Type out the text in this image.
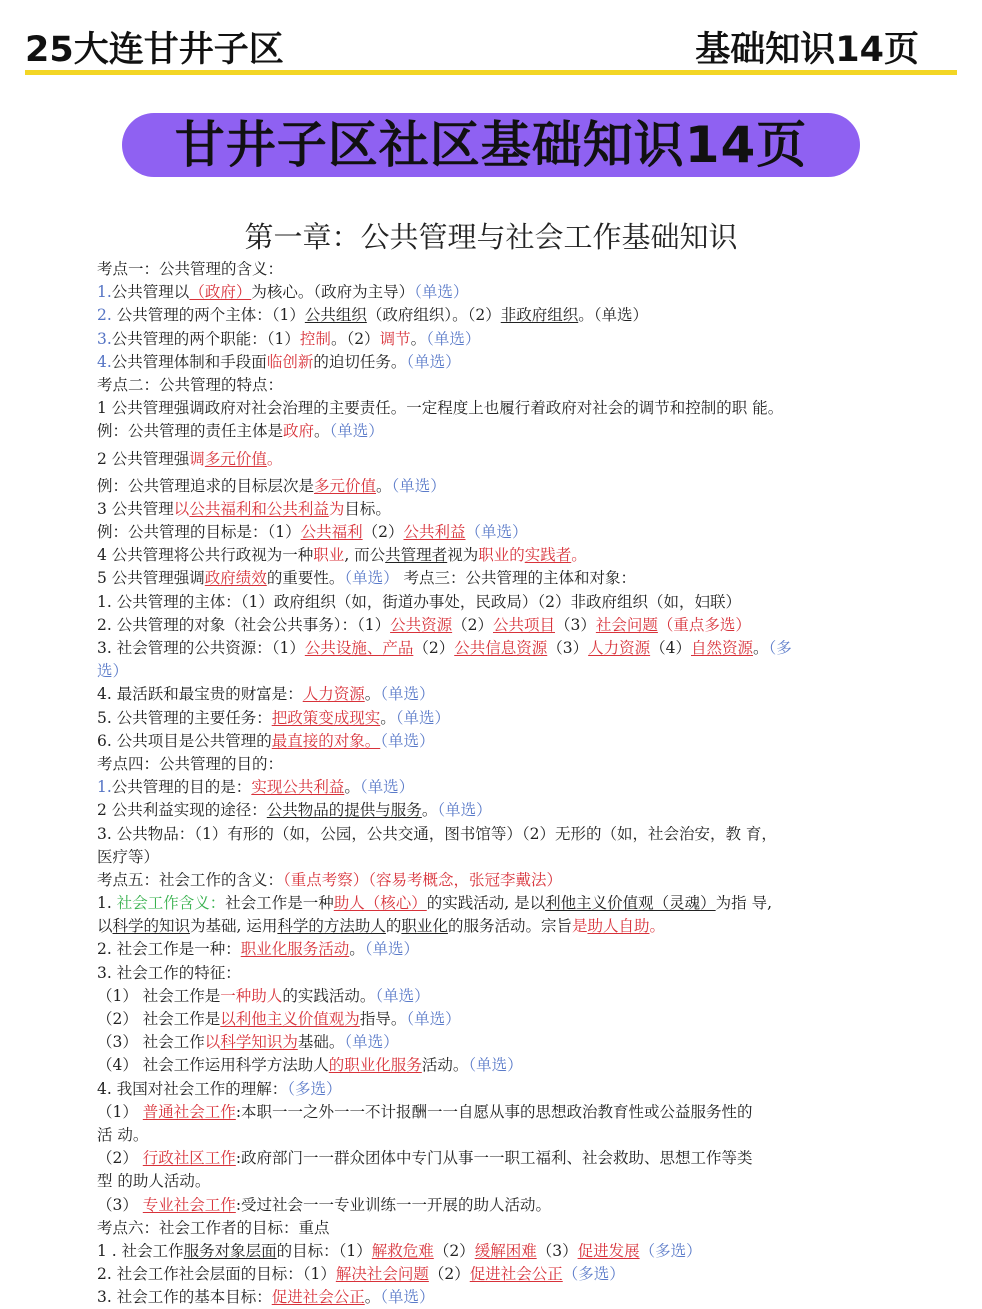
25大连甘井子区	基础知识14页
甘井子区社区基础知识14页
第一章：公共管理与社会工作基础知识
考点一：公共管理的含义：
1.公共管理以（政府）为核心。（政府为主导）（单选）
2. 公共管理的两个主体：（1）公共组织（政府组织）。（2）非政府组织。（单选）
3.公共管理的两个职能：（1）控制。（2）调节。（单选）
4.公共管理体制和手段面临创新的迫切任务。（单选）
考点二：公共管理的特点：
1 公共管理强调政府对社会治理的主要责任。一定程度上也履行着政府对社会的调节和控制的职 能。
例：公共管理的责任主体是政府。（单选）
2 公共管理强调多元价值。
例：公共管理追求的目标层次是多元价值。（单选）
3 公共管理以公共福利和公共利益为目标。
例：公共管理的目标是：（1）公共福利（2）公共利益（单选）
4 公共管理将公共行政视为一种职业, 而公共管理者视为职业的实践者。
5 公共管理强调政府绩效的重要性。（单选） 考点三：公共管理的主体和对象：
1. 公共管理的主体：（1）政府组织（如，街道办事处，民政局）（2）非政府组织（如，妇联）
2. 公共管理的对象（社会公共事务）：（1）公共资源（2）公共项目（3）社会问题（重点多选）
3. 社会管理的公共资源：（1）公共设施、产品（2）公共信息资源（3）人力资源（4）自然资源。（多
选）
4. 最活跃和最宝贵的财富是：人力资源。（单选）
5. 公共管理的主要任务：把政策变成现实。（单选）
6. 公共项目是公共管理的最直接的对象。（单选）
考点四：公共管理的目的：
1.公共管理的目的是：实现公共利益。（单选）
2 公共利益实现的途径：公共物品的提供与服务。（单选）
3. 公共物品：（1）有形的（如，公园，公共交通，图书馆等）（2）无形的（如，社会治安，教 育，
医疗等）
考点五：社会工作的含义：（重点考察）（容易考概念，张冠李戴法）
1. 社会工作含义：社会工作是一种助人（核心）的实践活动, 是以利他主义价值观（灵魂）为指 导,
以科学的知识为基础, 运用科学的方法助人的职业化的服务活动。宗旨是助人自助。
2. 社会工作是一种：职业化服务活动。（单选）
3. 社会工作的特征：
（1） 社会工作是一种助人的实践活动。（单选）
（2） 社会工作是以利他主义价值观为指导。（单选）
（3） 社会工作以科学知识为基础。（单选）
（4） 社会工作运用科学方法助人的职业化服务活动。（单选）
4. 我国对社会工作的理解：（多选）
（1） 普通社会工作:本职一一之外一一不计报酬一一自愿从事的思想政治教育性或公益服务性的
活 动。
（2） 行政社区工作:政府部门一一群众团体中专门从事一一职工福利、社会救助、思想工作等类
型 的助人活动。
（3） 专业社会工作:受过社会一一专业训练一一开展的助人活动。
考点六：社会工作者的目标：重点
1 . 社会工作服务对象层面的目标：（1）解救危难（2）缓解困难（3）促进发展（多选）
2. 社会工作社会层面的目标：（1）解决社会问题（2）促进社会公正（多选）
3. 社会工作的基本目标：促进社会公正。（单选）
